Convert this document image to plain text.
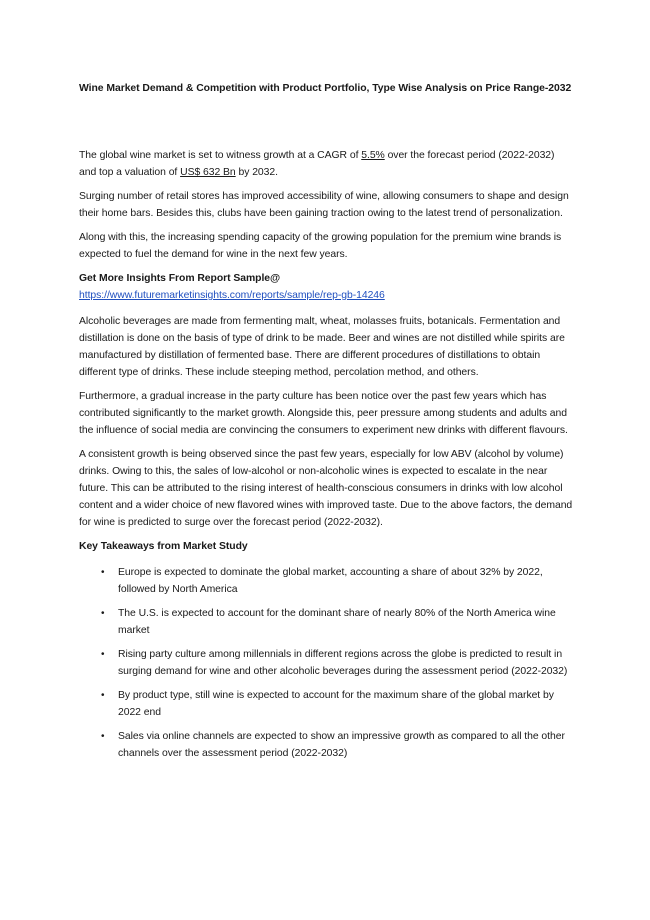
Wine Market Demand & Competition with Product Portfolio, Type Wise Analysis on Price Range-2032

The global wine market is set to witness growth at a CAGR of 5.5% over the forecast period (2022-2032) and top a valuation of US$ 632 Bn by 2032.

Surging number of retail stores has improved accessibility of wine, allowing consumers to shape and design their home bars. Besides this, clubs have been gaining traction owing to the latest trend of personalization.

Along with this, the increasing spending capacity of the growing population for the premium wine brands is expected to fuel the demand for wine in the next few years.

Get More Insights From Report Sample@
https://www.futuremarketinsights.com/reports/sample/rep-gb-14246

Alcoholic beverages are made from fermenting malt, wheat, molasses fruits, botanicals. Fermentation and distillation is done on the basis of type of drink to be made. Beer and wines are not distilled while spirits are manufactured by distillation of fermented base. There are different procedures of distillations to obtain different type of drinks. These include steeping method, percolation method, and others.

Furthermore, a gradual increase in the party culture has been notice over the past few years which has contributed significantly to the market growth. Alongside this, peer pressure among students and adults and the influence of social media are convincing the consumers to experiment new drinks with different flavours.

A consistent growth is being observed since the past few years, especially for low ABV (alcohol by volume) drinks. Owing to this, the sales of low-alcohol or non-alcoholic wines is expected to escalate in the near future. This can be attributed to the rising interest of health-conscious consumers in drinks with low alcohol content and a wider choice of new flavored wines with improved taste. Due to the above factors, the demand for wine is predicted to surge over the forecast period (2022-2032).

Key Takeaways from Market Study
• Europe is expected to dominate the global market, accounting a share of about 32% by 2022, followed by North America
• The U.S. is expected to account for the dominant share of nearly 80% of the North America wine market
• Rising party culture among millennials in different regions across the globe is predicted to result in surging demand for wine and other alcoholic beverages during the assessment period (2022-2032)
• By product type, still wine is expected to account for the maximum share of the global market by 2022 end
• Sales via online channels are expected to show an impressive growth as compared to all the other channels over the assessment period (2022-2032)
